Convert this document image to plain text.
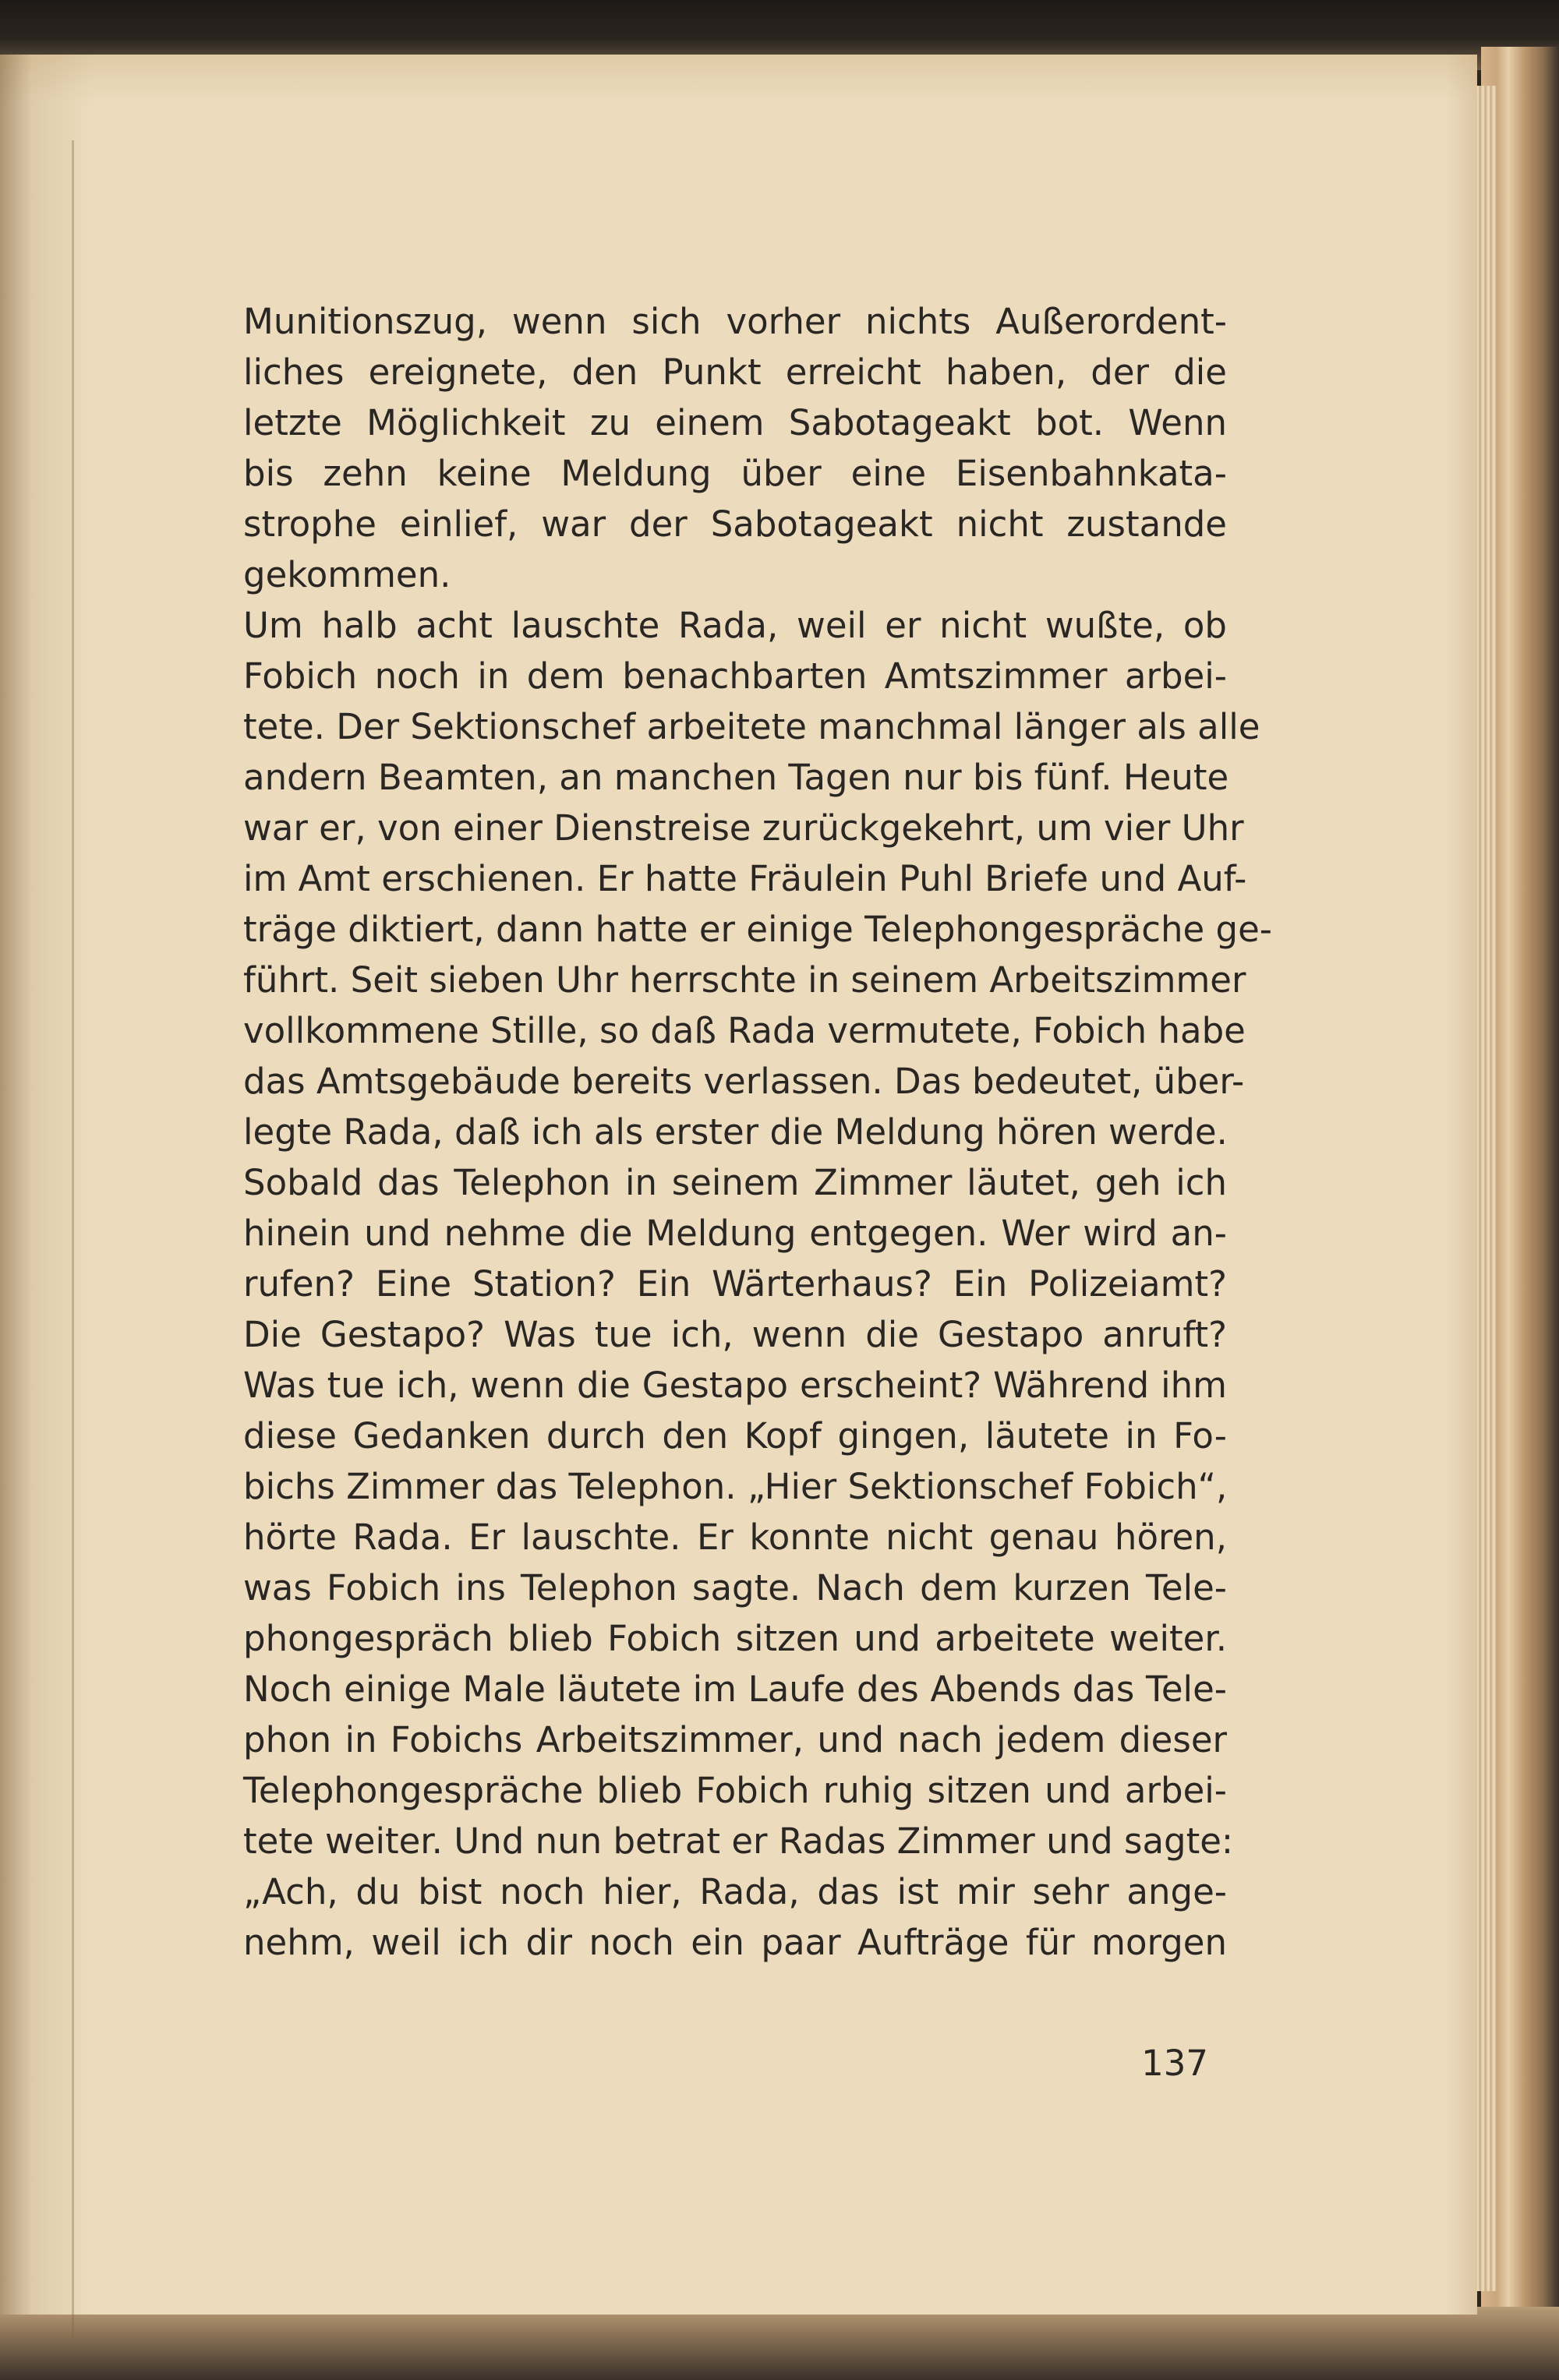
Munitionszug, wenn sich vorher nichts Außerordent-
liches ereignete, den Punkt erreicht haben, der die
letzte Möglichkeit zu einem Sabotageakt bot. Wenn
bis zehn keine Meldung über eine Eisenbahnkata-
strophe einlief, war der Sabotageakt nicht zustande
gekommen.
Um halb acht lauschte Rada, weil er nicht wußte, ob
Fobich noch in dem benachbarten Amtszimmer arbei-
tete. Der Sektionschef arbeitete manchmal länger als alle
andern Beamten, an manchen Tagen nur bis fünf. Heute
war er, von einer Dienstreise zurückgekehrt, um vier Uhr
im Amt erschienen. Er hatte Fräulein Puhl Briefe und Auf-
träge diktiert, dann hatte er einige Telephongespräche ge-
führt. Seit sieben Uhr herrschte in seinem Arbeitszimmer
vollkommene Stille, so daß Rada vermutete, Fobich habe
das Amtsgebäude bereits verlassen. Das bedeutet, über-
legte Rada, daß ich als erster die Meldung hören werde.
Sobald das Telephon in seinem Zimmer läutet, geh ich
hinein und nehme die Meldung entgegen. Wer wird an-
rufen? Eine Station? Ein Wärterhaus? Ein Polizeiamt?
Die Gestapo? Was tue ich, wenn die Gestapo anruft?
Was tue ich, wenn die Gestapo erscheint? Während ihm
diese Gedanken durch den Kopf gingen, läutete in Fo-
bichs Zimmer das Telephon. „Hier Sektionschef Fobich“,
hörte Rada. Er lauschte. Er konnte nicht genau hören,
was Fobich ins Telephon sagte. Nach dem kurzen Tele-
phongespräch blieb Fobich sitzen und arbeitete weiter.
Noch einige Male läutete im Laufe des Abends das Tele-
phon in Fobichs Arbeitszimmer, und nach jedem dieser
Telephongespräche blieb Fobich ruhig sitzen und arbei-
tete weiter. Und nun betrat er Radas Zimmer und sagte:
„Ach, du bist noch hier, Rada, das ist mir sehr ange-
nehm, weil ich dir noch ein paar Aufträge für morgen
137
